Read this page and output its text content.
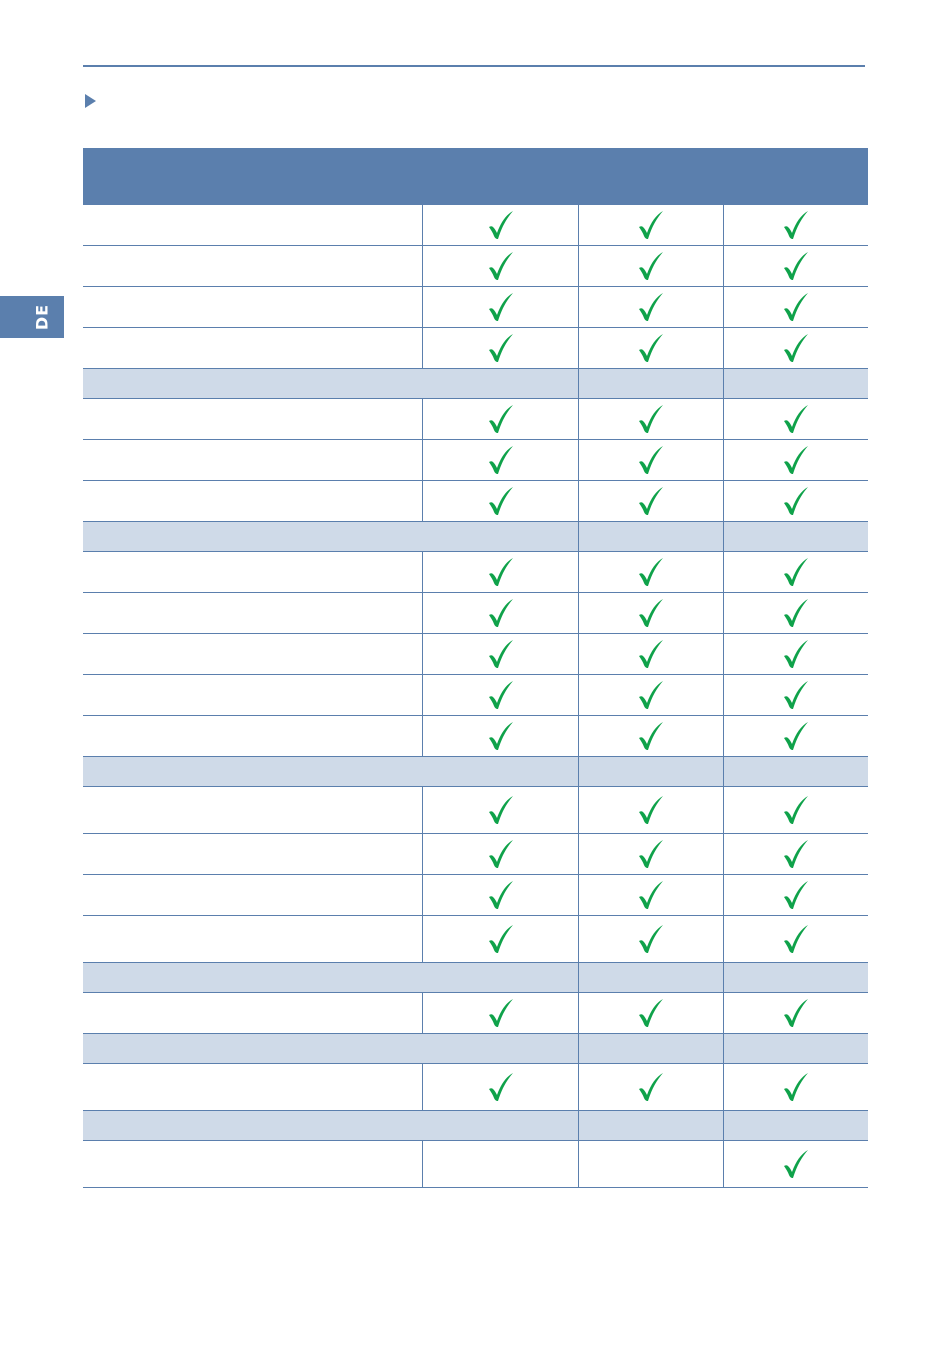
DE
